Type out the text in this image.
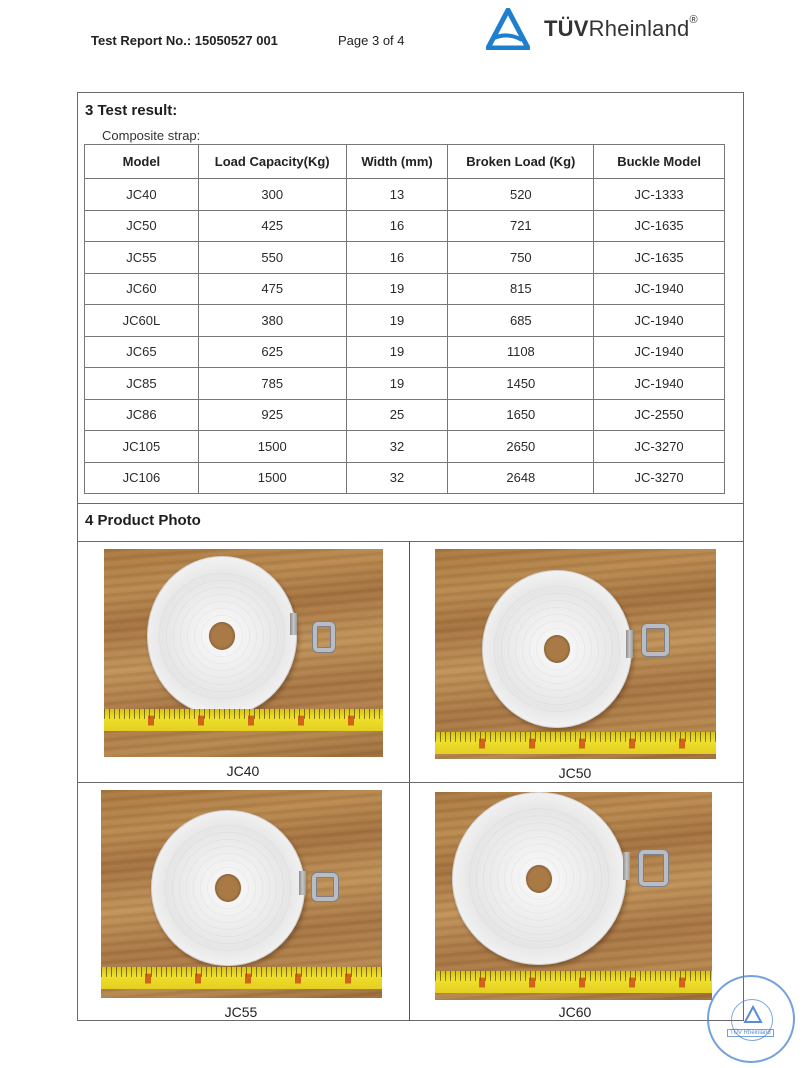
Test Report No.: 15050527 001	Page 3 of 4	TÜVRheinland®
3 Test result:
Composite strap:
Model	Load Capacity(Kg)	Width (mm)	Broken Load (Kg)	Buckle Model
JC40	300	13	520	JC-1333
JC50	425	16	721	JC-1635
JC55	550	16	750	JC-1635
JC60	475	19	815	JC-1940
JC60L	380	19	685	JC-1940
JC65	625	19	1108	JC-1940
JC85	785	19	1450	JC-1940
JC86	925	25	1650	JC-2550
JC105	1500	32	2650	JC-3270
JC106	1500	32	2648	JC-3270
4 Product Photo
JC40	JC50
JC55	JC60
TÜV Rheinland
